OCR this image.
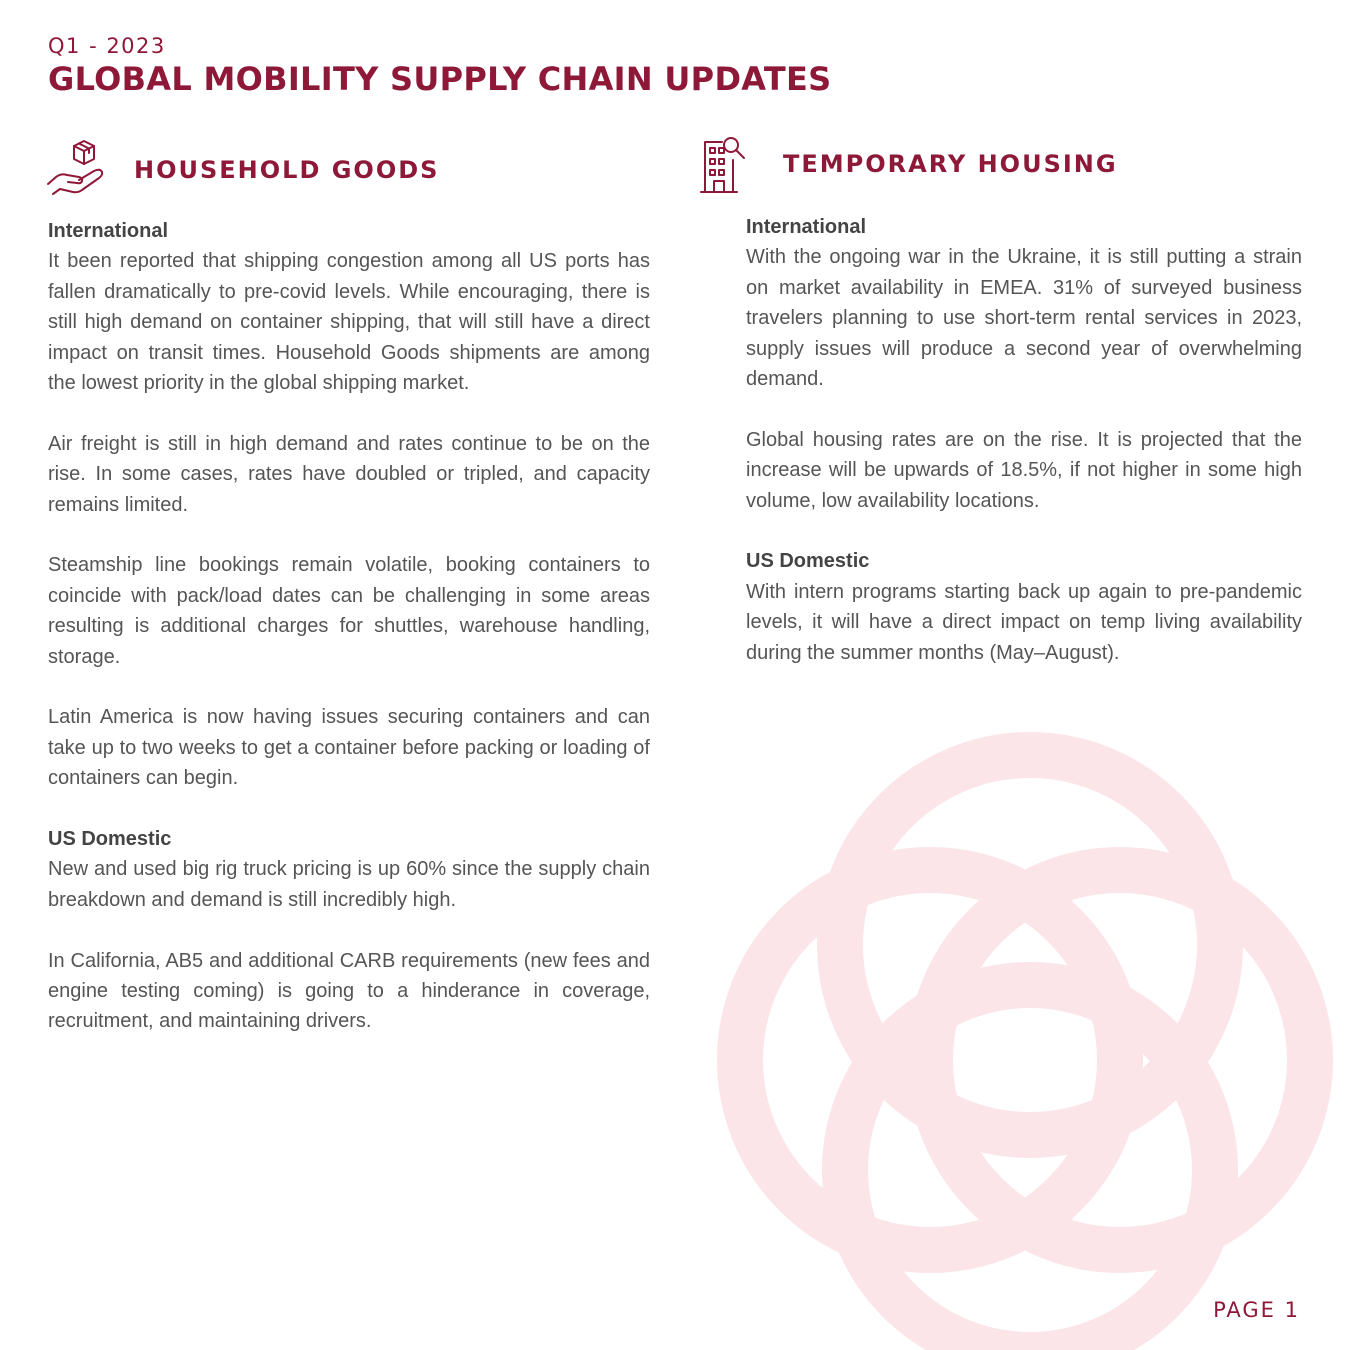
Q1 - 2023
GLOBAL MOBILITY SUPPLY CHAIN UPDATES
HOUSEHOLD GOODS	TEMPORARY HOUSING

International

It been reported that shipping congestion among all US ports has fallen dramatically to pre-covid levels. While encouraging, there is still high demand on container shipping, that will still have a direct impact on transit times. Household Goods shipments are among the lowest priority in the global shipping market.

Air freight is still in high demand and rates continue to be on the rise. In some cases, rates have doubled or tripled, and capacity remains limited.

Steamship line bookings remain volatile, booking containers to coincide with pack/load dates can be challenging in some areas resulting is additional charges for shuttles, warehouse handling, storage.

Latin America is now having issues securing containers and can take up to two weeks to get a container before packing or loading of containers can begin.

US Domestic

New and used big rig truck pricing is up 60% since the supply chain breakdown and demand is still incredibly high.

In California, AB5 and additional CARB requirements (new fees and engine testing coming) is going to a hinderance in coverage, recruitment, and maintaining drivers.

International

With the ongoing war in the Ukraine, it is still putting a strain on market availability in EMEA. 31% of surveyed business travelers planning to use short-term rental services in 2023, supply issues will produce a second year of overwhelming demand.

Global housing rates are on the rise. It is projected that the increase will be upwards of 18.5%, if not higher in some high volume, low availability locations.

US Domestic

With intern programs starting back up again to pre-pandemic levels, it will have a direct impact on temp living availability during the summer months (May–August).

PAGE 1
